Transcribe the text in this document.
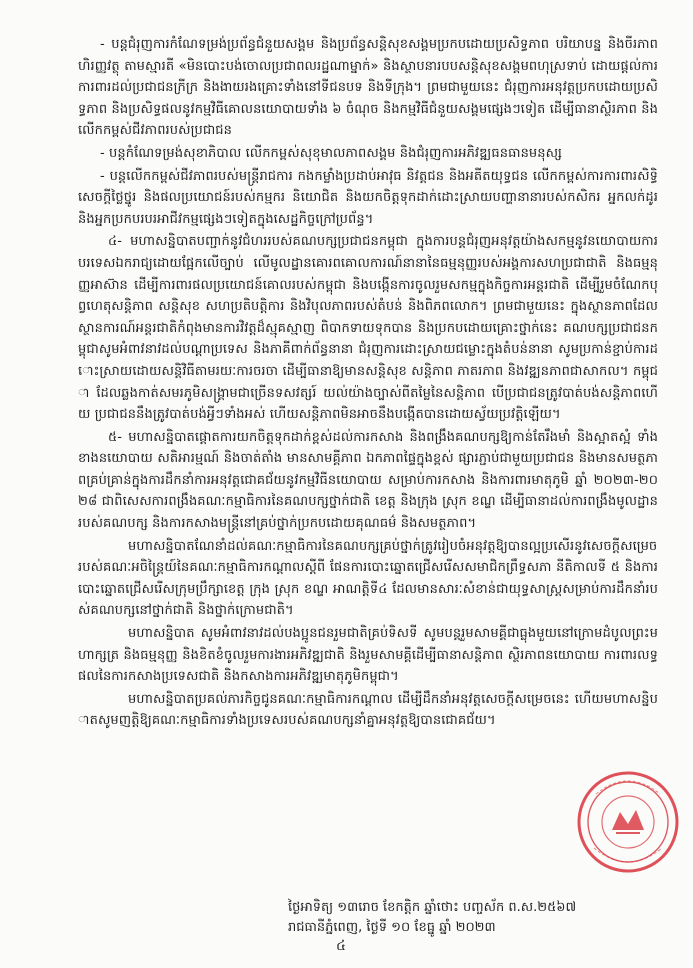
- បន្តជំរុញការកំណែទម្រង់ប្រព័ន្ធជំនួយសង្គម និងប្រព័ន្ធសន្តិសុខសង្គមប្រកបដោយប្រសិទ្ធភាព បរិយាបន្ន និងចីរភាពហិរញ្ញវត្ថុ តាមស្មារតី «មិនបោះបង់ចោលប្រជាពលរដ្ឋណាម្នាក់» និងស្ថាបនារបបសន្តិសុខសង្គមពហុស្រទាប់ ដោយផ្តល់ការការពារដល់ប្រជាជនក្រីក្រ និងងាយរងគ្រោះទាំងនៅទីជនបទ និងទីក្រុង។ ព្រមជាមួយនេះ ជំរុញការអនុវត្តប្រកបដោយប្រសិទ្ធភាព និងប្រសិទ្ធផលនូវកម្មវិធីគោលនយោបាយទាំង ៦ ចំណុច និងកម្មវិធីជំនួយសង្គមផ្សេងៗទៀត ដើម្បីធានាស្ថិរភាព និងលើកកម្ពស់ជីវភាពរបស់ប្រជាជន

- បន្តកំណែទម្រង់សុខាភិបាល លើកកម្ពស់សុខុមាលភាពសង្គម និងជំរុញការអភិវឌ្ឍធនធានមនុស្ស

- បន្តលើកកម្ពស់ជីវភាពរបស់មន្ត្រីរាជការ កងកម្លាំងប្រដាប់អាវុធ និវត្តជន និងអតីតយុទ្ធជន លើកកម្ពស់ការការពារសិទ្ធិ សេចក្តីថ្លៃថ្នូរ និងផលប្រយោជន៍របស់កម្មករ និយោជិត និងយកចិត្តទុកដាក់ដោះស្រាយបញ្ហានានារបស់កសិករ អ្នកលក់ដូរ និងអ្នកប្រកបរបរអាជីវកម្មផ្សេងៗទៀតក្នុងសេដ្ឋកិច្ចក្រៅប្រព័ន្ធ។

៤- មហាសន្និបាតបញ្ជាក់នូវជំហររបស់គណបក្សប្រជាជនកម្ពុជា ក្នុងការបន្តជំរុញអនុវត្តយ៉ាងសកម្មនូវនយោបាយការបរទេសឯករាជ្យដោយផ្អែកលើច្បាប់ លើមូលដ្ឋានគោរពគោលការណ៍នានានៃធម្មនុញ្ញរបស់អង្គការសហប្រជាជាតិ និងធម្មនុញ្ញអាស៊ាន ដើម្បីការពារផលប្រយោជន៍គោលរបស់កម្ពុជា និងបង្កើនការចូលរួមសកម្មក្នុងកិច្ចការអន្តរជាតិ ដើម្បីរួមចំណែកបុព្វហេតុសន្តិភាព សន្តិសុខ សហប្រតិបត្តិការ និងវិបុលភាពរបស់តំបន់ និងពិភពលោក។ ព្រមជាមួយនេះ ក្នុងស្ថានភាពដែលស្ថានការណ៍អន្តរជាតិកំពុងមានការវិវត្តដ៏ស្មុគស្មាញ ពិបាកទាយទុកបាន និងប្រកបដោយគ្រោះថ្នាក់នេះ គណបក្សប្រជាជនកម្ពុជាសូមអំពាវនាវដល់បណ្តាប្រទេស និងភាគីពាក់ព័ន្ធនានា ជំរុញការដោះស្រាយជម្លោះក្នុងតំបន់នានា សូមប្រកាន់ខ្ជាប់ការដោះស្រាយដោយសន្តិវិធីតាមរយៈការចរចា ដើម្បីធានាឱ្យមានសន្តិសុខ សន្តិភាព ភាតរភាព និងវឌ្ឍនភាពជាសាកល។ កម្ពុជា ដែលឆ្លងកាត់សមរភូមិសង្គ្រាមជាច្រើនទសវត្សរ៍ យល់យ៉ាងច្បាស់ពីតម្លៃនៃសន្តិភាព បើប្រជាជនត្រូវបាត់បង់សន្តិភាពហើយ ប្រជាជននឹងត្រូវបាត់បង់អ្វីៗទាំងអស់ ហើយសន្តិភាពមិនអាចនឹងបង្កើតបានដោយស្វ័យប្រវត្តិឡើយ។

៥- មហាសន្និបាតផ្តោតការយកចិត្តទុកដាក់ខ្ពស់ដល់ការកសាង និងពង្រឹងគណបក្សឱ្យកាន់តែរឹងមាំ និងស្អាតស្អំ ទាំងខាងនយោបាយ សតិអារម្មណ៍ និងចាត់តាំង មានសាមគ្គីភាព ឯកភាពផ្ទៃក្នុងខ្ពស់ ផ្សារភ្ជាប់ជាមួយប្រជាជន និងមានសមត្ថភាពគ្រប់គ្រាន់ក្នុងការដឹកនាំការអនុវត្តជោគជ័យនូវកម្មវិធីនយោបាយ សម្រាប់ការកសាង និងការពារមាតុភូមិ ឆ្នាំ ២០២៣-២០២៨ ជាពិសេសការពង្រឹងគណៈកម្មាធិការនៃគណបក្សថ្នាក់ជាតិ ខេត្ត និងក្រុង ស្រុក ខណ្ឌ ដើម្បីធានាដល់ការពង្រឹងមូលដ្ឋានរបស់គណបក្ស និងការកសាងមន្ត្រីនៅគ្រប់ថ្នាក់ប្រកបដោយគុណធម៌ និងសមត្ថភាព។

មហាសន្និបាតណែនាំដល់គណៈកម្មាធិការនៃគណបក្សគ្រប់ថ្នាក់ត្រូវរៀបចំអនុវត្តឱ្យបានល្អប្រសើរនូវសេចក្តីសម្រេចរបស់គណៈអចិន្ត្រៃយ៍នៃគណៈកម្មាធិការកណ្តាលស្តីពី ផែនការបោះឆ្នោតជ្រើសរើសសមាជិកព្រឹទ្ធសភា នីតិកាលទី ៥ និងការបោះឆ្នោតជ្រើសរើសក្រុមប្រឹក្សាខេត្ត ក្រុង ស្រុក ខណ្ឌ អាណត្តិទី៤ ដែលមានសារៈសំខាន់ជាយុទ្ធសាស្ត្រសម្រាប់ការដឹកនាំរបស់គណបក្សនៅថ្នាក់ជាតិ និងថ្នាក់ក្រោមជាតិ។

មហាសន្និបាត សូមអំពាវនាវដល់បងប្អូនជនរួមជាតិគ្រប់ទិសទី សូមបន្តរួមសាមគ្គីជាធ្លុងមួយនៅក្រោមដំបូលព្រះមហាក្សត្រ និងធម្មនុញ្ញ និងខិតខំចូលរួមការងារអភិវឌ្ឍជាតិ និងរួមសាមគ្គីដើម្បីធានាសន្តិភាព ស្ថិរភាពនយោបាយ ការពារលទ្ធផលនៃការកសាងប្រទេសជាតិ និងកសាងការអភិវឌ្ឍមាតុភូមិកម្ពុជា។

មហាសន្និបាតប្រគល់ភារកិច្ចជូនគណៈកម្មាធិការកណ្តាល ដើម្បីដឹកនាំអនុវត្តសេចក្តីសម្រេចនេះ ហើយមហាសន្និបាតសូមញត្តិឱ្យគណៈកម្មាធិការទាំងប្រទេសរបស់គណបក្សនាំគ្នាអនុវត្តឱ្យបានជោគជ័យ។

ថ្ងៃអាទិត្យ ១៣រោច ខែកត្តិក ឆ្នាំថោះ បញ្ចស័ក ព.ស.២៥៦៧
រាជធានីភ្នំពេញ, ថ្ងៃទី ១០ ខែធ្នូ ឆ្នាំ ២០២៣
៤
